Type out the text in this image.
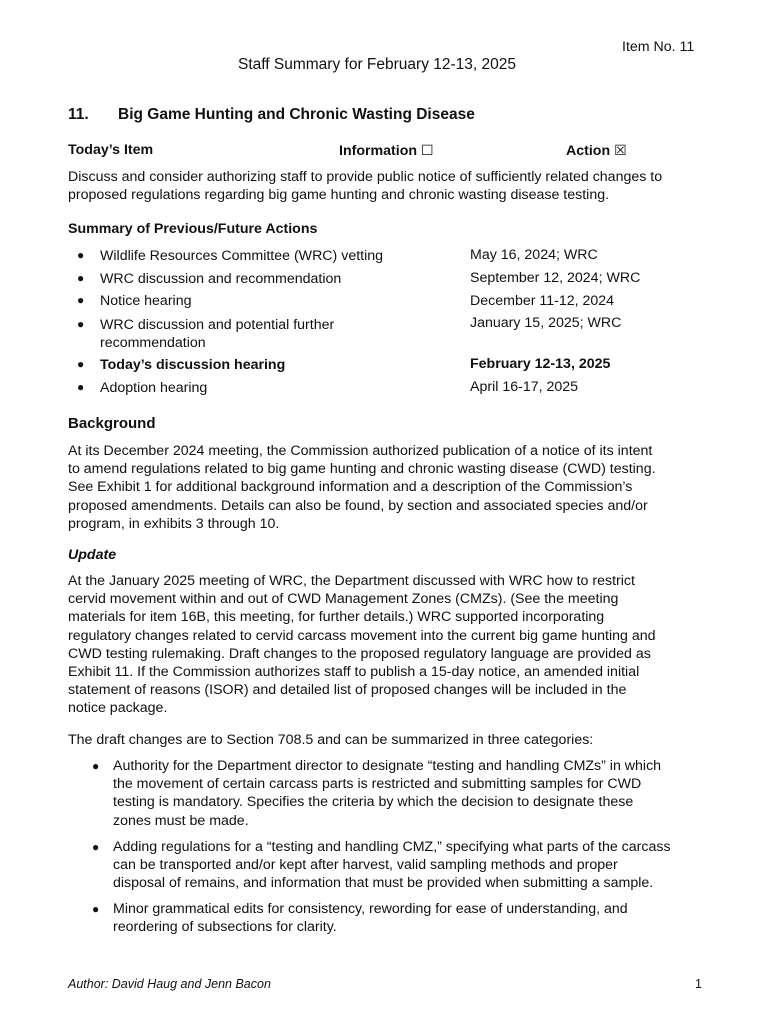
Item No. 11
Staff Summary for February 12-13, 2025
11. Big Game Hunting and Chronic Wasting Disease
Today’s Item	Information ☐	Action ☒
Discuss and consider authorizing staff to provide public notice of sufficiently related changes to
proposed regulations regarding big game hunting and chronic wasting disease testing.
Summary of Previous/Future Actions
● Wildlife Resources Committee (WRC) vetting	May 16, 2024; WRC
● WRC discussion and recommendation	September 12, 2024; WRC
● Notice hearing	December 11-12, 2024
● WRC discussion and potential further
recommendation
January 15, 2025; WRC
● Today’s discussion hearing	February 12-13, 2025
● Adoption hearing	April 16-17, 2025
Background
At its December 2024 meeting, the Commission authorized publication of a notice of its intent
to amend regulations related to big game hunting and chronic wasting disease (CWD) testing.
See Exhibit 1 for additional background information and a description of the Commission’s
proposed amendments. Details can also be found, by section and associated species and/or
program, in exhibits 3 through 10.
Update
At the January 2025 meeting of WRC, the Department discussed with WRC how to restrict
cervid movement within and out of CWD Management Zones (CMZs). (See the meeting
materials for item 16B, this meeting, for further details.) WRC supported incorporating
regulatory changes related to cervid carcass movement into the current big game hunting and
CWD testing rulemaking. Draft changes to the proposed regulatory language are provided as
Exhibit 11. If the Commission authorizes staff to publish a 15-day notice, an amended initial
statement of reasons (ISOR) and detailed list of proposed changes will be included in the
notice package.
The draft changes are to Section 708.5 and can be summarized in three categories:
● Authority for the Department director to designate “testing and handling CMZs” in which
the movement of certain carcass parts is restricted and submitting samples for CWD
testing is mandatory. Specifies the criteria by which the decision to designate these
zones must be made.
● Adding regulations for a “testing and handling CMZ,” specifying what parts of the carcass
can be transported and/or kept after harvest, valid sampling methods and proper
disposal of remains, and information that must be provided when submitting a sample.
● Minor grammatical edits for consistency, rewording for ease of understanding, and
reordering of subsections for clarity.
Author: David Haug and Jenn Bacon	1
